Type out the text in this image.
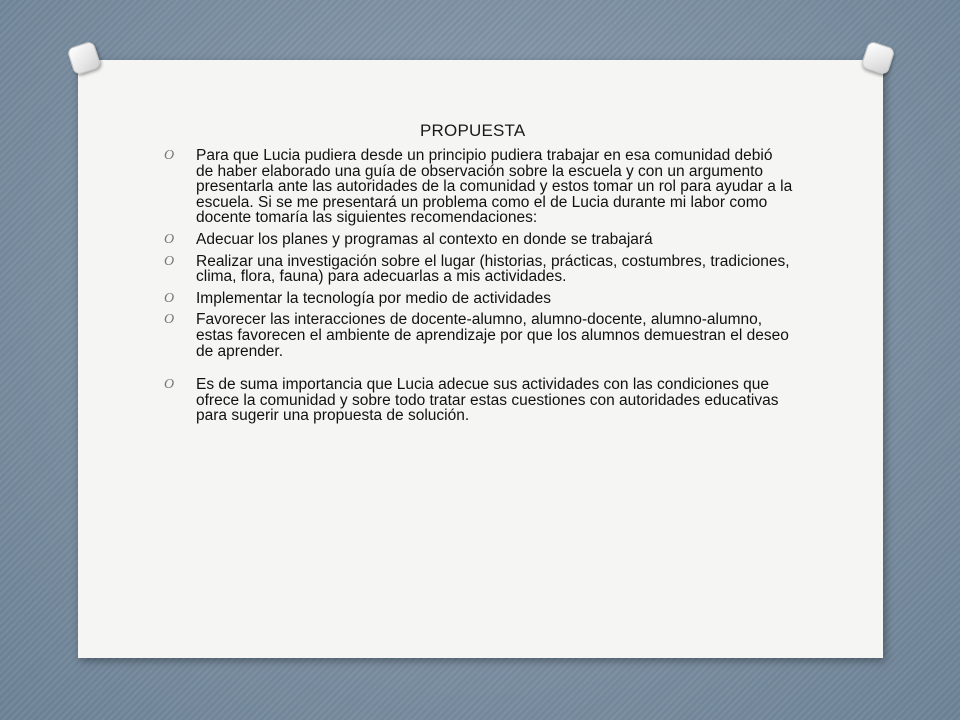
PROPUESTA
O Para que Lucia pudiera desde un principio pudiera trabajar en esa comunidad debió de haber elaborado una guía de observación sobre la escuela y con un argumento presentarla ante las autoridades de la comunidad y estos tomar un rol para ayudar a la escuela. Si se me presentará un problema como el de Lucia durante mi labor como docente tomaría las siguientes recomendaciones:
O Adecuar los planes y programas al contexto en donde se trabajará
O Realizar una investigación sobre el lugar (historias, prácticas, costumbres, tradiciones, clima, flora, fauna) para adecuarlas a mis actividades.
O Implementar la tecnología por medio de actividades
O Favorecer las interacciones de docente-alumno, alumno-docente, alumno-alumno, estas favorecen el ambiente de aprendizaje por que los alumnos demuestran el deseo de aprender.
O Es de suma importancia que Lucia adecue sus actividades con las condiciones que ofrece la comunidad y sobre todo tratar estas cuestiones con autoridades educativas para sugerir una propuesta de solución.
